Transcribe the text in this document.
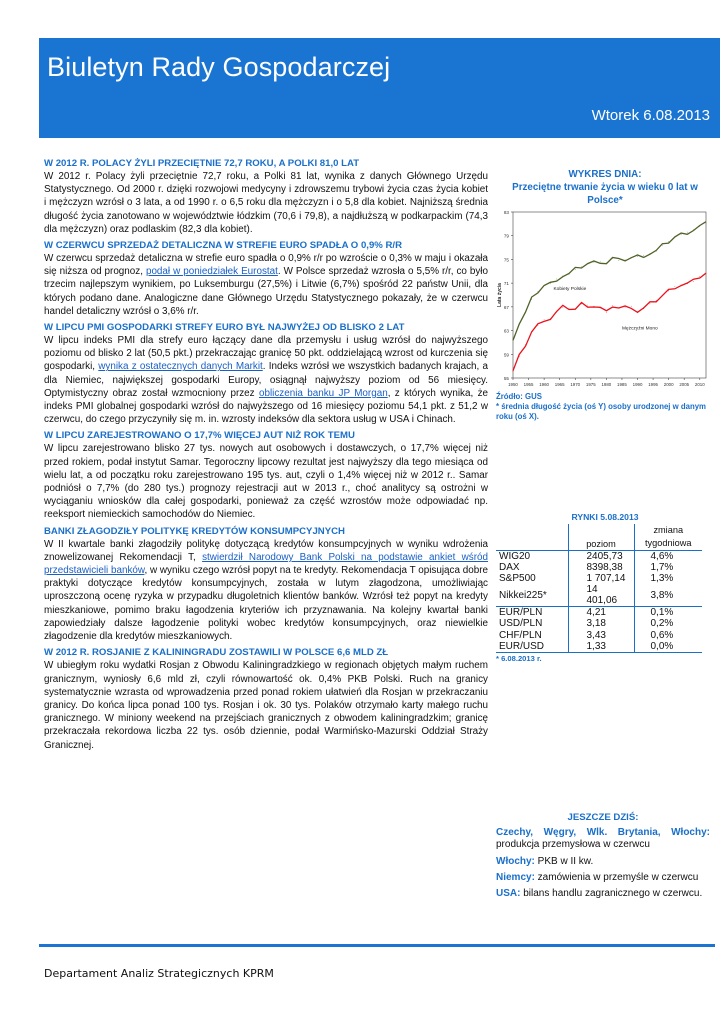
Biuletyn Rady Gospodarczej
Wtorek 6.08.2013
W 2012 R. POLACY ŻYLI PRZECIĘTNIE 72,7 ROKU, A POLKI 81,0 LAT
W 2012 r. Polacy żyli przeciętnie 72,7 roku, a Polki 81 lat, wynika z danych Głównego Urzędu Statystycznego. Od 2000 r. dzięki rozwojowi medycyny i zdrowszemu trybowi życia czas życia kobiet i mężczyzn wzrósł o 3 lata, a od 1990 r. o 6,5 roku dla mężczyzn i o 5,8 dla kobiet. Najniższą średnia długość życia zanotowano w województwie łódzkim (70,6 i 79,8), a najdłuższą w podkarpackim (74,3 dla mężczyzn) oraz podlaskim (82,3 dla kobiet).
W CZERWCU SPRZEDAŻ DETALICZNA W STREFIE EURO SPADŁA O 0,9% R/R
W czerwcu sprzedaż detaliczna w strefie euro spadła o 0,9% r/r po wzroście o 0,3% w maju i okazała się niższa od prognoz, podał w poniedziałek Eurostat. W Polsce sprzedaż wzrosła o 5,5% r/r, co było trzecim najlepszym wynikiem, po Luksemburgu (27,5%) i Litwie (6,7%) spośród 22 państw Unii, dla których podano dane. Analogiczne dane Głównego Urzędu Statystycznego pokazały, że w czerwcu handel detaliczny wzrósł o 3,6% r/r.
W LIPCU PMI GOSPODARKI STREFY EURO BYŁ NAJWYŻEJ OD BLISKO 2 LAT
W lipcu indeks PMI dla strefy euro łączący dane dla przemysłu i usług wzrósł do najwyższego poziomu od blisko 2 lat (50,5 pkt.) przekraczając granicę 50 pkt. oddzielającą wzrost od kurczenia się gospodarki, wynika z ostatecznych danych Markit. Indeks wzrósł we wszystkich badanych krajach, a dla Niemiec, największej gospodarki Europy, osiągnął najwyższy poziom od 56 miesięcy. Optymistyczny obraz został wzmocniony przez obliczenia banku JP Morgan, z których wynika, że indeks PMI globalnej gospodarki wzrósł do najwyższego od 16 miesięcy poziomu 54,1 pkt. z 51,2 w czerwcu, do czego przyczyniły się m. in. wzrosty indeksów dla sektora usług w USA i Chinach.
W LIPCU ZAREJESTROWANO O 17,7% WIĘCEJ AUT NIŻ ROK TEMU
W lipcu zarejestrowano blisko 27 tys. nowych aut osobowych i dostawczych, o 17,7% więcej niż przed rokiem, podał instytut Samar. Tegoroczny lipcowy rezultat jest najwyższy dla tego miesiąca od wielu lat, a od początku roku zarejestrowano 195 tys. aut, czyli o 1,4% więcej niż w 2012 r.. Samar podniósł o 7,7% (do 280 tys.) prognozy rejestracji aut w 2013 r., choć analitycy są ostrożni w wyciąganiu wniosków dla całej gospodarki, ponieważ za część wzrostów może odpowiadać np. reeksport niemieckich samochodów do Niemiec.
BANKI ZŁAGODZIŁY POLITYKĘ KREDYTÓW KONSUMPCYJNYCH
W II kwartale banki złagodziły politykę dotyczącą kredytów konsumpcyjnych w wyniku wdrożenia znowelizowanej Rekomendacji T, stwierdził Narodowy Bank Polski na podstawie ankiet wśród przedstawicieli banków, w wyniku czego wzrósł popyt na te kredyty. Rekomendacja T opisująca dobre praktyki dotyczące kredytów konsumpcyjnych, została w lutym złagodzona, umożliwiając uproszczoną ocenę ryzyka w przypadku długoletnich klientów banków. Wzrósł też popyt na kredyty mieszkaniowe, pomimo braku łagodzenia kryteriów ich przyznawania. Na kolejny kwartał banki zapowiedziały dalsze łagodzenie polityki wobec kredytów konsumpcyjnych, oraz niewielkie złagodzenie dla kredytów mieszkaniowych.
W 2012 R. ROSJANIE Z KALININGRADU ZOSTAWILI W POLSCE 6,6 MLD ZŁ
W ubiegłym roku wydatki Rosjan z Obwodu Kaliningradzkiego w regionach objętych małym ruchem granicznym, wyniosły 6,6 mld zł, czyli równowartość ok. 0,4% PKB Polski. Ruch na granicy systematycznie wzrasta od wprowadzenia przed ponad rokiem ułatwień dla Rosjan w przekraczaniu granicy. Do końca lipca ponad 100 tys. Rosjan i ok. 30 tys. Polaków otrzymało karty małego ruchu granicznego. W miniony weekend na przejściach granicznych z obwodem kaliningradzkim; granicę przekraczała rekordowa liczba 22 tys. osób dziennie, podał Warmińsko-Mazurski Oddział Straży Granicznej.
WYKRES DNIA:
Przeciętne trwanie życia w wieku 0 lat w Polsce*
55
59
63
67
71
75
79
83
1950 1955 1960 1965 1970 1975 1980 1985 1990 1995 2000 2005 2010
Lata życia	Kobiety Polskie
Mężczyźni Mono
Źródło: GUS
* średnia długość życia (oś Y) osoby urodzonej w danym roku (oś X).
RYNKI 5.08.2013
	poziom	zmiana tygodniowa
WIG20	2405,73	4,6%
DAX	8398,38	1,7%
S&P500	1 707,14	1,3%
Nikkei225*	14 401,06	3,8%
EUR/PLN	4,21	0,1%
USD/PLN	3,18	0,2%
CHF/PLN	3,43	0,6%
EUR/USD	1,33	0,0%
* 6.08.2013 r.
JESZCZE DZIŚ:
Czechy, Węgry, Wlk. Brytania, Włochy: produkcja przemysłowa w czerwcu
Włochy: PKB w II kw.
Niemcy: zamówienia w przemyśle w czerwcu
USA: bilans handlu zagranicznego w czerwcu.
Departament Analiz Strategicznych KPRM
